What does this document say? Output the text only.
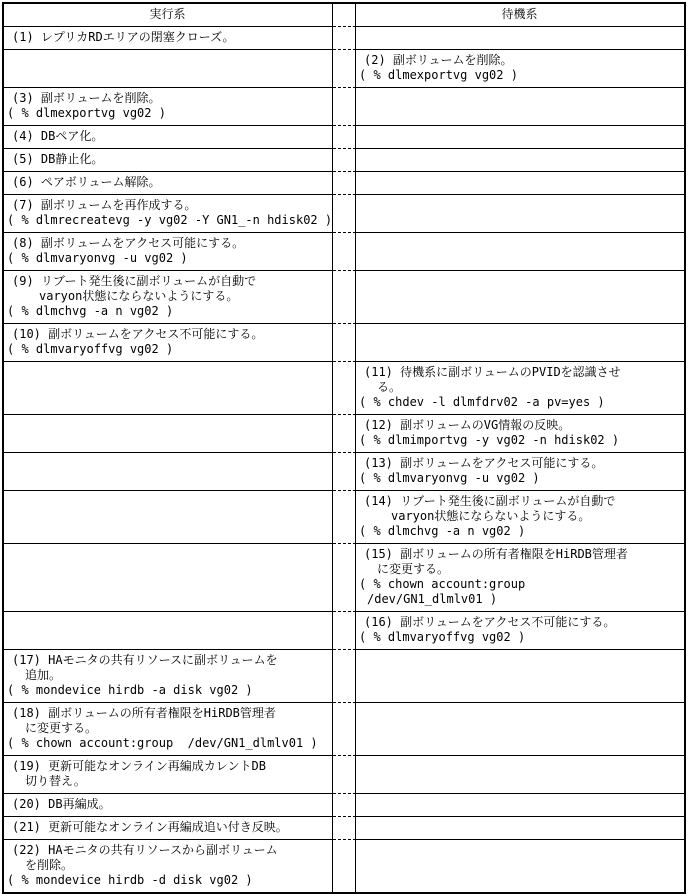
実行系	待機系
(1) レプリカRDエリアの閉塞クローズ。
(2) 副ボリュームを削除。
( % dlmexportvg vg02 )
(3) 副ボリュームを削除。
( % dlmexportvg vg02 )
(4) DBペア化。
(5) DB静止化。
(6) ペアボリューム解除。
(7) 副ボリュームを再作成する。
( % dlmrecreatevg -y vg02 -Y GN1_-n hdisk02 )
(8) 副ボリュームをアクセス可能にする。
( % dlmvaryonvg -u vg02 )
(9) リブート発生後に副ボリュームが自動で
varyon状態にならないようにする。
( % dlmchvg -a n vg02 )
(10) 副ボリュームをアクセス不可能にする。
( % dlmvaryoffvg vg02 )
(11) 待機系に副ボリュームのPVIDを認識させ
る。
( % chdev -l dlmfdrv02 -a pv=yes )
(12) 副ボリュームのVG情報の反映。
( % dlmimportvg -y vg02 -n hdisk02 )
(13) 副ボリュームをアクセス可能にする。
( % dlmvaryonvg -u vg02 )
(14) リブート発生後に副ボリュームが自動で
varyon状態にならないようにする。
( % dlmchvg -a n vg02 )
(15) 副ボリュームの所有者権限をHiRDB管理者
に変更する。
( % chown account:group
/dev/GN1_dlmlv01 )
(16) 副ボリュームをアクセス不可能にする。
( % dlmvaryoffvg vg02 )
(17) HAモニタの共有リソースに副ボリュームを
追加。
( % mondevice hirdb -a disk vg02 )
(18) 副ボリュームの所有者権限をHiRDB管理者
に変更する。
( % chown account:group  /dev/GN1_dlmlv01 )
(19) 更新可能なオンライン再編成カレントDB
切り替え。
(20) DB再編成。
(21) 更新可能なオンライン再編成追い付き反映。
(22) HAモニタの共有リソースから副ボリューム
を削除。
( % mondevice hirdb -d disk vg02 )
